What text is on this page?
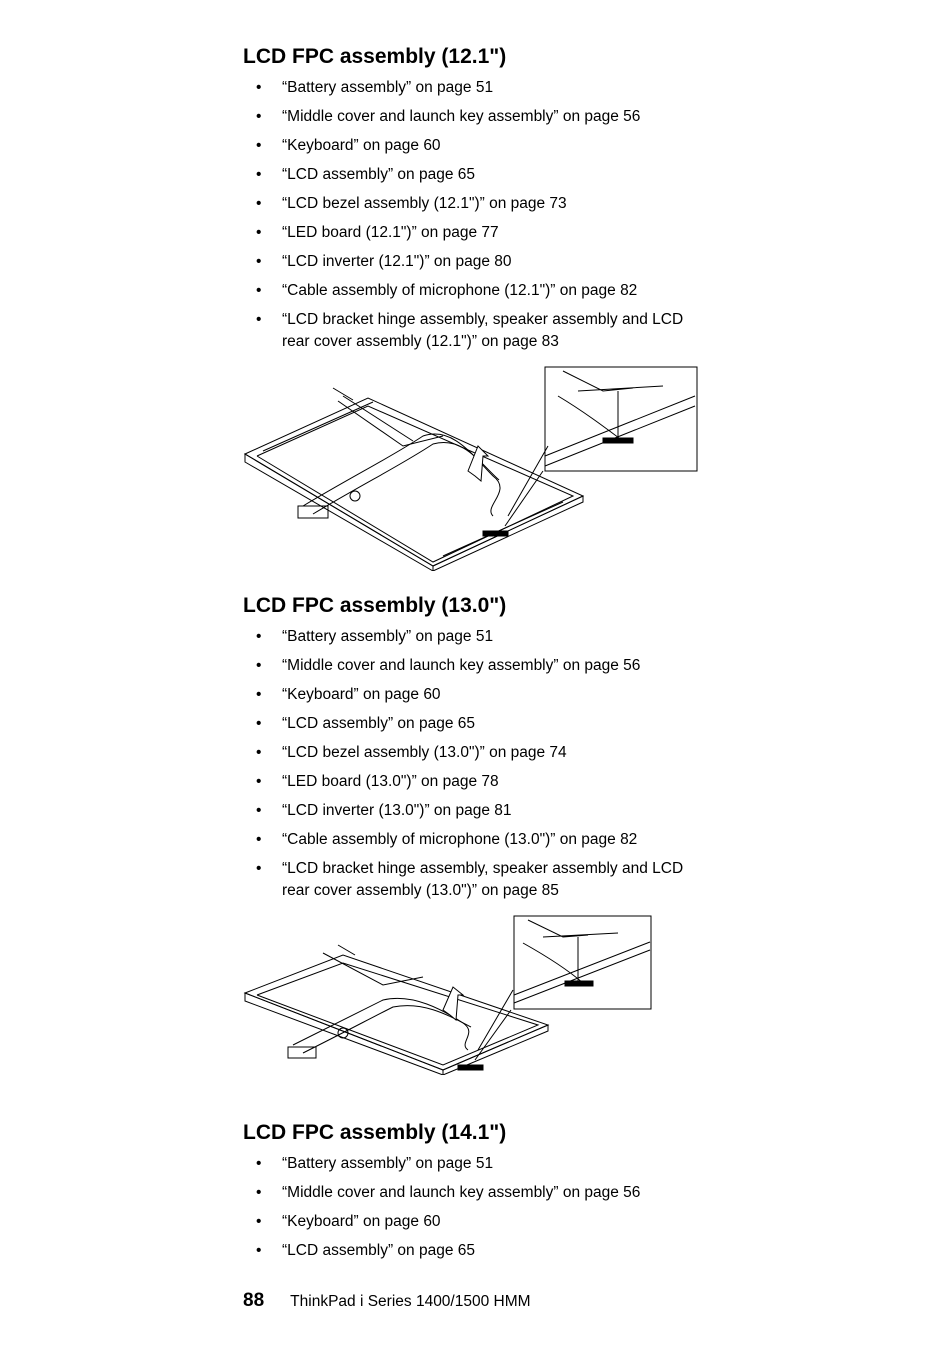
LCD FPC assembly (12.1")
• “Battery assembly” on page 51
• “Middle cover and launch key assembly” on page 56
• “Keyboard” on page 60
• “LCD assembly” on page 65
• “LCD bezel assembly (12.1")” on page 73
• “LED board (12.1")” on page 77
• “LCD inverter (12.1")” on page 80
• “Cable assembly of microphone (12.1")” on page 82
• “LCD bracket hinge assembly, speaker assembly and LCD rear cover assembly (12.1")” on page 83
LCD FPC assembly (13.0")
• “Battery assembly” on page 51
• “Middle cover and launch key assembly” on page 56
• “Keyboard” on page 60
• “LCD assembly” on page 65
• “LCD bezel assembly (13.0")” on page 74
• “LED board (13.0")” on page 78
• “LCD inverter (13.0")” on page 81
• “Cable assembly of microphone (13.0")” on page 82
• “LCD bracket hinge assembly, speaker assembly and LCD rear cover assembly (13.0")” on page 85
LCD FPC assembly (14.1")
• “Battery assembly” on page 51
• “Middle cover and launch key assembly” on page 56
• “Keyboard” on page 60
• “LCD assembly” on page 65
88 ThinkPad i Series 1400/1500 HMM
